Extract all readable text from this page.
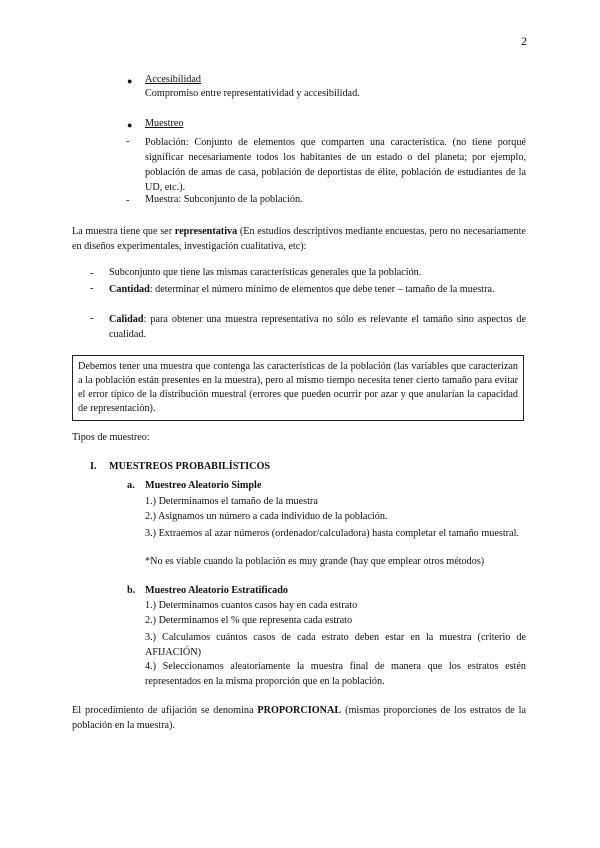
2
● Accesibilidad
Compromiso entre representatividad y accesibilidad.
● Muestreo
- Población: Conjunto de elementos que comparten una característica. (no tiene porqué significar necesariamente todos los habitantes de un estado o del planeta; por ejemplo, población de amas de casa, población de deportistas de élite, población de estudiantes de la UD, etc.).
- Muestra: Subconjunto de la población.
La muestra tiene que ser representativa (En estudios descriptivos mediante encuestas, pero no necesariamente en diseños experimentales, investigación cualitativa, etc):
- Subconjunto que tiene las mismas características generales que la población.
- Cantidad: determinar el número mínimo de elementos que debe tener – tamaño de la muestra.
- Calidad: para obtener una muestra representativa no sólo es relevante el tamaño sino aspectos de cualidad.
Debemos tener una muestra que contenga las características de la población (las variables que caracterizan a la población están presentes en la muestra), pero al mismo tiempo necesita tener cierto tamaño para evitar el error típico de la distribución muestral (errores que pueden ocurrir por azar y que anularían la capacidad de representación).
Tipos de muestreo:
I. MUESTREOS PROBABILÍSTICOS
a. Muestreo Aleatorio Simple
1.) Determinamos el tamaño de la muestra
2.) Asignamos un número a cada individuo de la población.
3.) Extraemos al azar números (ordenador/calculadora) hasta completar el tamaño muestral.
*No es viable cuando la población es muy grande (hay que emplear otros métodos)
b. Muestreo Aleatorio Estratificado
1.) Determinamos cuantos casos hay en cada estrato
2.) Determinamos el % que representa cada estrato
3.) Calculamos cuántos casos de cada estrato deben estar en la muestra (criterio de AFIJACIÓN)
4.) Seleccionamos aleatoriamente la muestra final de manera que los estratos estén representados en la misma proporción que en la población.
El procedimiento de afijación se denomina PROPORCIONAL (mismas proporciones de los estratos de la población en la muestra).
